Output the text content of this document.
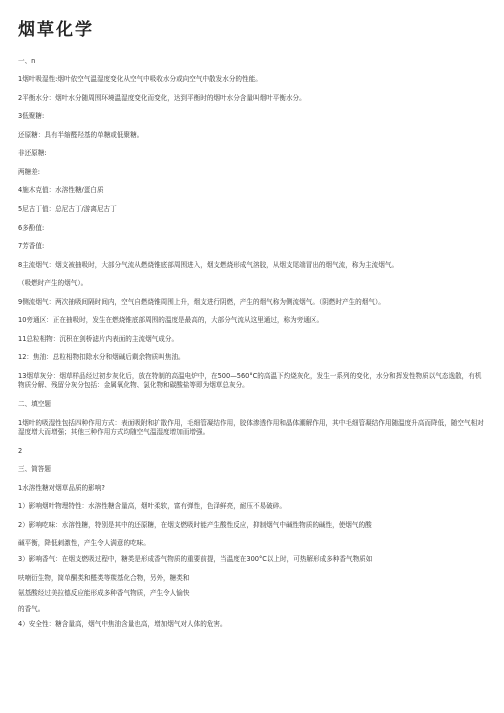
烟草化学

一、n

1烟叶吸湿性:烟叶依空气温湿度变化从空气中吸收水分或向空气中散发水分的性能。

2平衡水分：烟叶水分随周围环境温湿度变化而变化，达到平衡时的烟叶水分含量叫烟叶平衡水分。

3低聚糖:

还原糖：具有半缩醛羟基的单糖或低聚糖。

非还原糖:

两糖差:

4施木克值：水溶性糖/蛋白质

5尼古丁值：总尼古丁/游离尼古丁

6多酚值:

7芳香值:

8主流烟气：烟支被抽吸时，大部分气流从燃烧锥底部周围进入，烟支燃烧形成气溶胶，从烟支尾端冒出的烟气流，称为主流烟气。

（吸燃时产生的烟气）。

9侧流烟气：两次抽吸间隔时间内，空气自燃烧锥周围上升，烟支进行阴燃，产生的烟气称为侧流烟气。（阴燃时产生的烟气）。

10旁通区：正在抽吸时，发生在燃烧锥底部周围的温度是最高的，大部分气流从这里通过，称为旁通区。

11总粒相物：沉积在剑桥滤片内表面的主流烟气成分。

12：焦油：总粒相物扣除水分和烟碱后剩余物质叫焦油。

13烟草灰分：烟草样品经过初步灰化后，放在特制的高温电炉中，在500—560°C的高温下灼烧灰化，发生一系列的变化，水分和挥发性物质以气态逸散，有机物质分解、残留分灰分包括：金属氧化物、氯化物和碳酸盐等即为烟草总灰分。

二、填空题

1烟叶的吸湿性包括四种作用方式：表面吸附和扩散作用，毛细管凝结作用，胶体渗透作用和晶体潮解作用，其中毛细管凝结作用随温度升高而降低，随空气相对湿度增大而增强；其他三种作用方式均随空气温湿度增加而增强。

2

三、简答题

1水溶性糖对烟草品质的影响?

1）影响烟叶物理特性：水溶性糖含量高，烟叶柔软，富有弹性，色泽鲜亮，耐压不易破碎。

2）影响吃味：水溶性糖，特别是其中的还原糖，在烟支燃吸时能产生酸性反应，抑制烟气中碱性物质的碱性，使烟气的酸

碱平衡，降低刺激性，产生令人满意的吃味。

3）影响香气：在烟支燃吸过程中，糖类是形成香气物质的重要前提，当温度在300°C以上时，可热解形成多种香气物质如

呋喃衍生物，简单酮类和醛类等羰基化合物，另外，糖类和

氨基酸经过美拉德反应能形成多种香气物质，产生令人愉快

的香气。

4）安全性：糖含量高，烟气中焦油含量也高，增加烟气对人体的危害。
